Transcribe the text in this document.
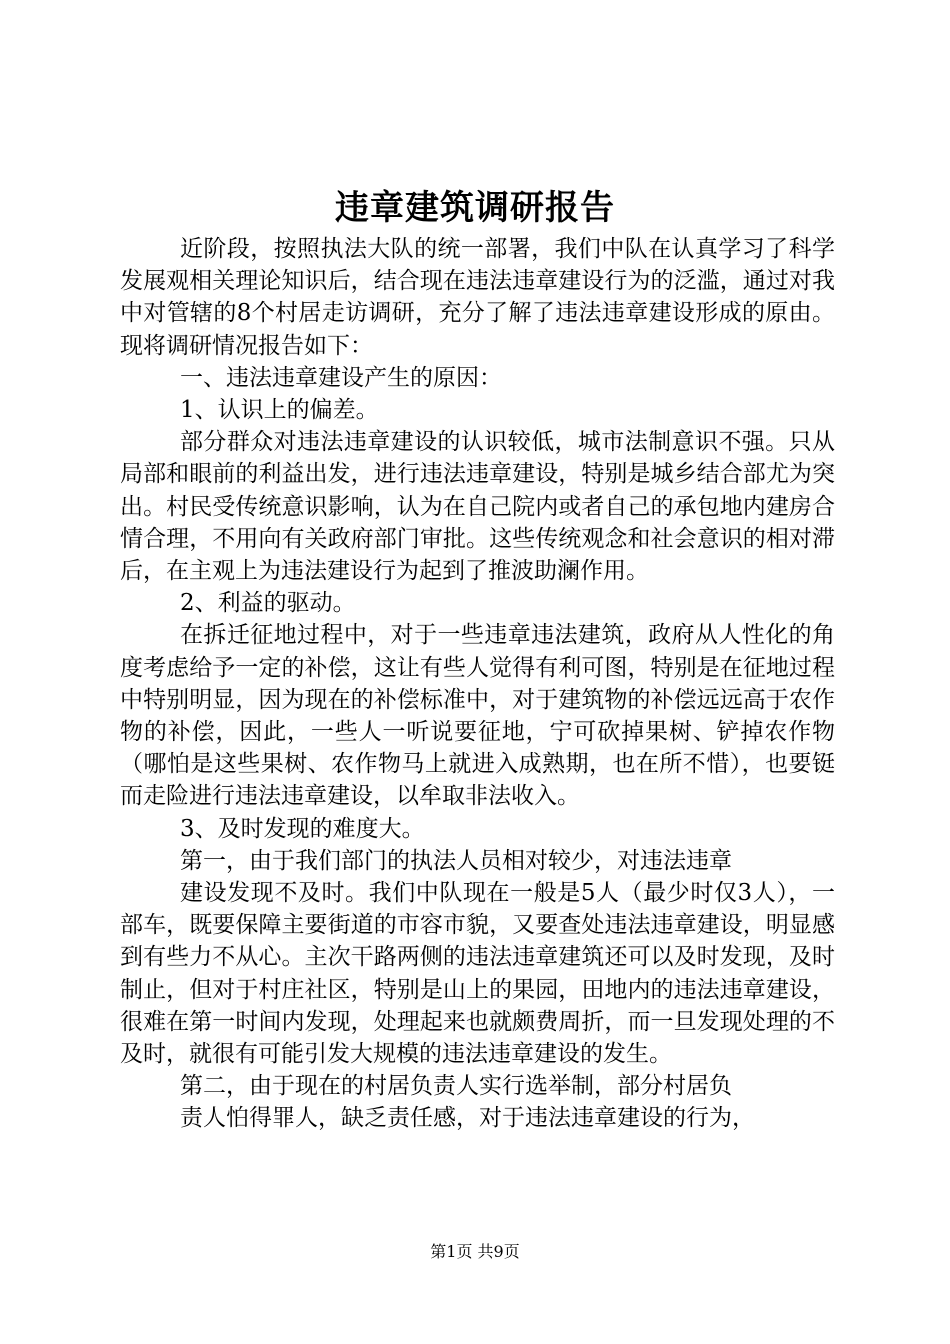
违章建筑调研报告

近阶段，按照执法大队的统一部署，我们中队在认真学习了科学发展观相关理论知识后，结合现在违法违章建设行为的泛滥，通过对我中对管辖的8个村居走访调研，充分了解了违法违章建设形成的原由。现将调研情况报告如下：

一、违法违章建设产生的原因：

1、认识上的偏差。

部分群众对违法违章建设的认识较低，城市法制意识不强。只从局部和眼前的利益出发，进行违法违章建设，特别是城乡结合部尤为突出。村民受传统意识影响，认为在自己院内或者自己的承包地内建房合情合理，不用向有关政府部门审批。这些传统观念和社会意识的相对滞后，在主观上为违法建设行为起到了推波助澜作用。

2、利益的驱动。

在拆迁征地过程中，对于一些违章违法建筑，政府从人性化的角度考虑给予一定的补偿，这让有些人觉得有利可图，特别是在征地过程中特别明显，因为现在的补偿标准中，对于建筑物的补偿远远高于农作物的补偿，因此，一些人一听说要征地，宁可砍掉果树、铲掉农作物（哪怕是这些果树、农作物马上就进入成熟期，也在所不惜），也要铤而走险进行违法违章建设，以牟取非法收入。

3、及时发现的难度大。

第一，由于我们部门的执法人员相对较少，对违法违章

建设发现不及时。我们中队现在一般是5人（最少时仅3人），一部车，既要保障主要街道的市容市貌，又要查处违法违章建设，明显感到有些力不从心。主次干路两侧的违法违章建筑还可以及时发现，及时制止，但对于村庄社区，特别是山上的果园，田地内的违法违章建设，很难在第一时间内发现，处理起来也就颇费周折，而一旦发现处理的不及时，就很有可能引发大规模的违法违章建设的发生。

第二，由于现在的村居负责人实行选举制，部分村居负

责人怕得罪人，缺乏责任感，对于违法违章建设的行为，

第1页 共9页
